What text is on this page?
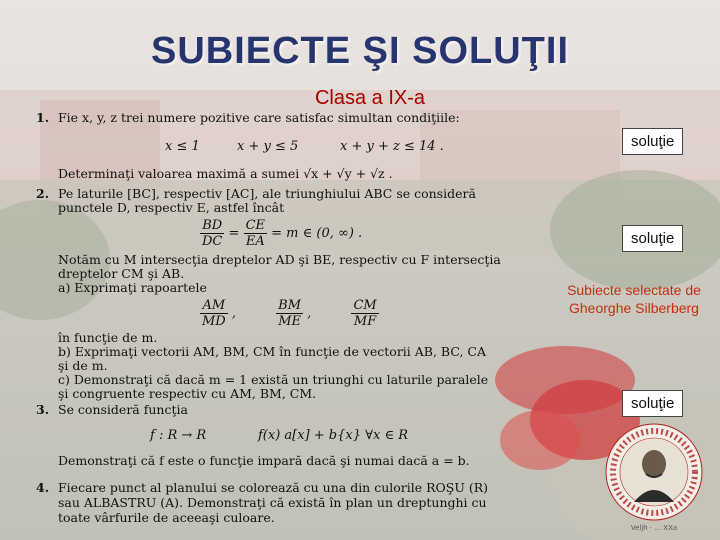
SUBIECTE ŞI SOLUŢII
Clasa a IX-a
1. Fie x, y, z trei numere pozitive care satisfac simultan condiţiile:
x ≤ 1	x + y ≤ 5	x + y + z ≤ 14 .
Determinaţi valoarea maximă a sumei √x + √y + √z .
2. Pe laturile [BC], respectiv [AC], ale triunghiului ABC se consideră
punctele D, respectiv E, astfel încât
$\frac{BD}{DC} = \frac{CE}{EA} = m$ ∈ (0, ∞) .
Notăm cu M intersecţia dreptelor AD şi BE, respectiv cu F intersecţia
dreptelor CM şi AB.
a) Exprimaţi rapoartele
$\frac{AM}{MD}$ ,	$\frac{BM}{ME}$ ,	$\frac{CM}{MF}$
în funcţie de m.
b) Exprimaţi vectorii AM, BM, CM în funcţie de vectorii AB, BC, CA
şi de m.
c) Demonstraţi că dacă m = 1 există un triunghi cu laturile paralele
şi congruente respectiv cu AM, BM, CM.
3. Se consideră funcţia
f : R → R	f(x) a[x] + b{x} ∀x ∈ R
Demonstraţi că f este o funcţie impară dacă şi numai dacă a = b.
4. Fiecare punct al planului se colorează cu una din culorile ROŞU (R)
sau ALBASTRU (A). Demonstraţi că există în plan un dreptunghi cu
toate vârfurile de aceeaşi culoare.
soluţie
soluţie
soluţie
Subiecte selectate de
Gheorghe Silberberg
Veljh · ... XXa
